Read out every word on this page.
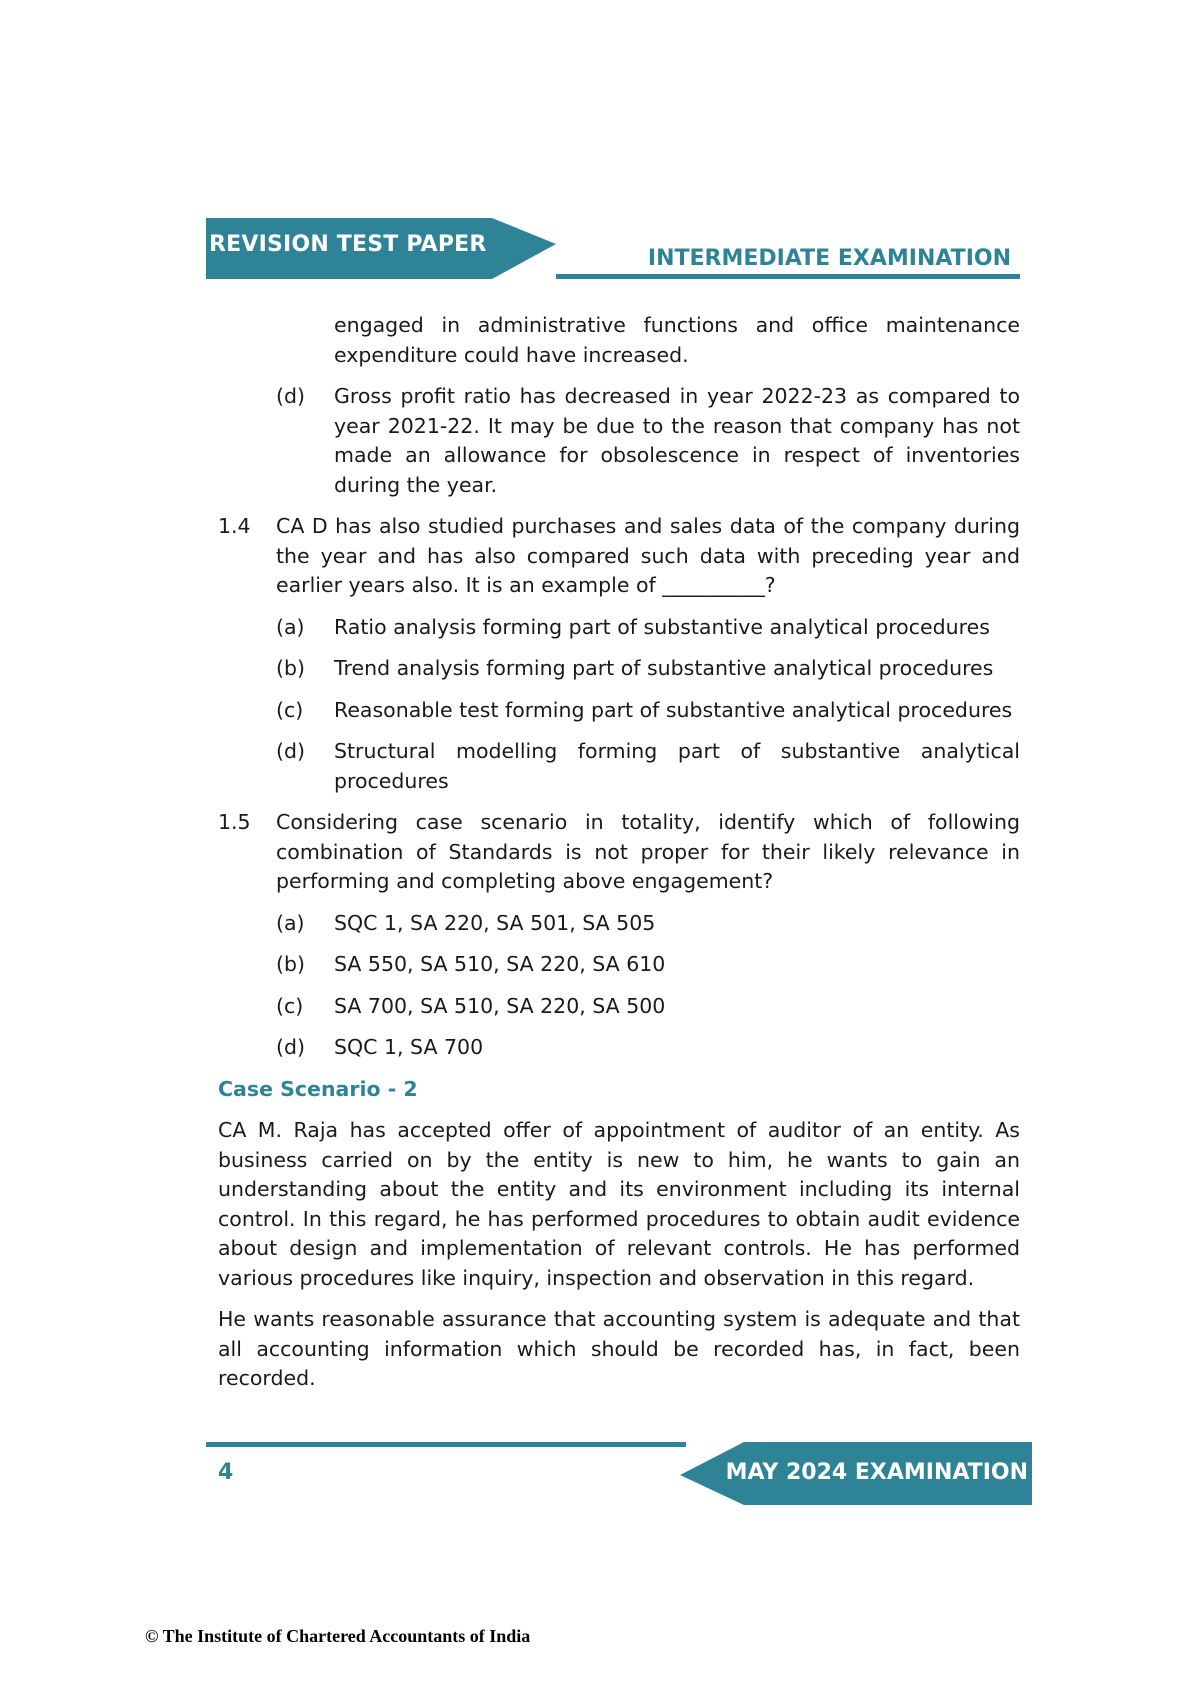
REVISION TEST PAPER
INTERMEDIATE EXAMINATION

engaged in administrative functions and office maintenance expenditure could have increased.

(d)	Gross profit ratio has decreased in year 2022-23 as compared to year 2021-22. It may be due to the reason that company has not made an allowance for obsolescence in respect of inventories during the year.
1.4	CA D has also studied purchases and sales data of the company during the year and has also compared such data with preceding year and earlier years also. It is an example of __________?
(a)	Ratio analysis forming part of substantive analytical procedures
(b)	Trend analysis forming part of substantive analytical procedures
(c)	Reasonable test forming part of substantive analytical procedures
(d)	Structural modelling forming part of substantive analytical procedures
1.5	Considering case scenario in totality, identify which of following combination of Standards is not proper for their likely relevance in performing and completing above engagement?
(a)	SQC 1, SA 220, SA 501, SA 505
(b)	SA 550, SA 510, SA 220, SA 610
(c)	SA 700, SA 510, SA 220, SA 500
(d)	SQC 1, SA 700

Case Scenario - 2

CA M. Raja has accepted offer of appointment of auditor of an entity. As business carried on by the entity is new to him, he wants to gain an understanding about the entity and its environment including its internal control. In this regard, he has performed procedures to obtain audit evidence about design and implementation of relevant controls. He has performed various procedures like inquiry, inspection and observation in this regard.

He wants reasonable assurance that accounting system is adequate and that all accounting information which should be recorded has, in fact, been recorded.

MAY 2024 EXAMINATION
4
© The Institute of Chartered Accountants of India
